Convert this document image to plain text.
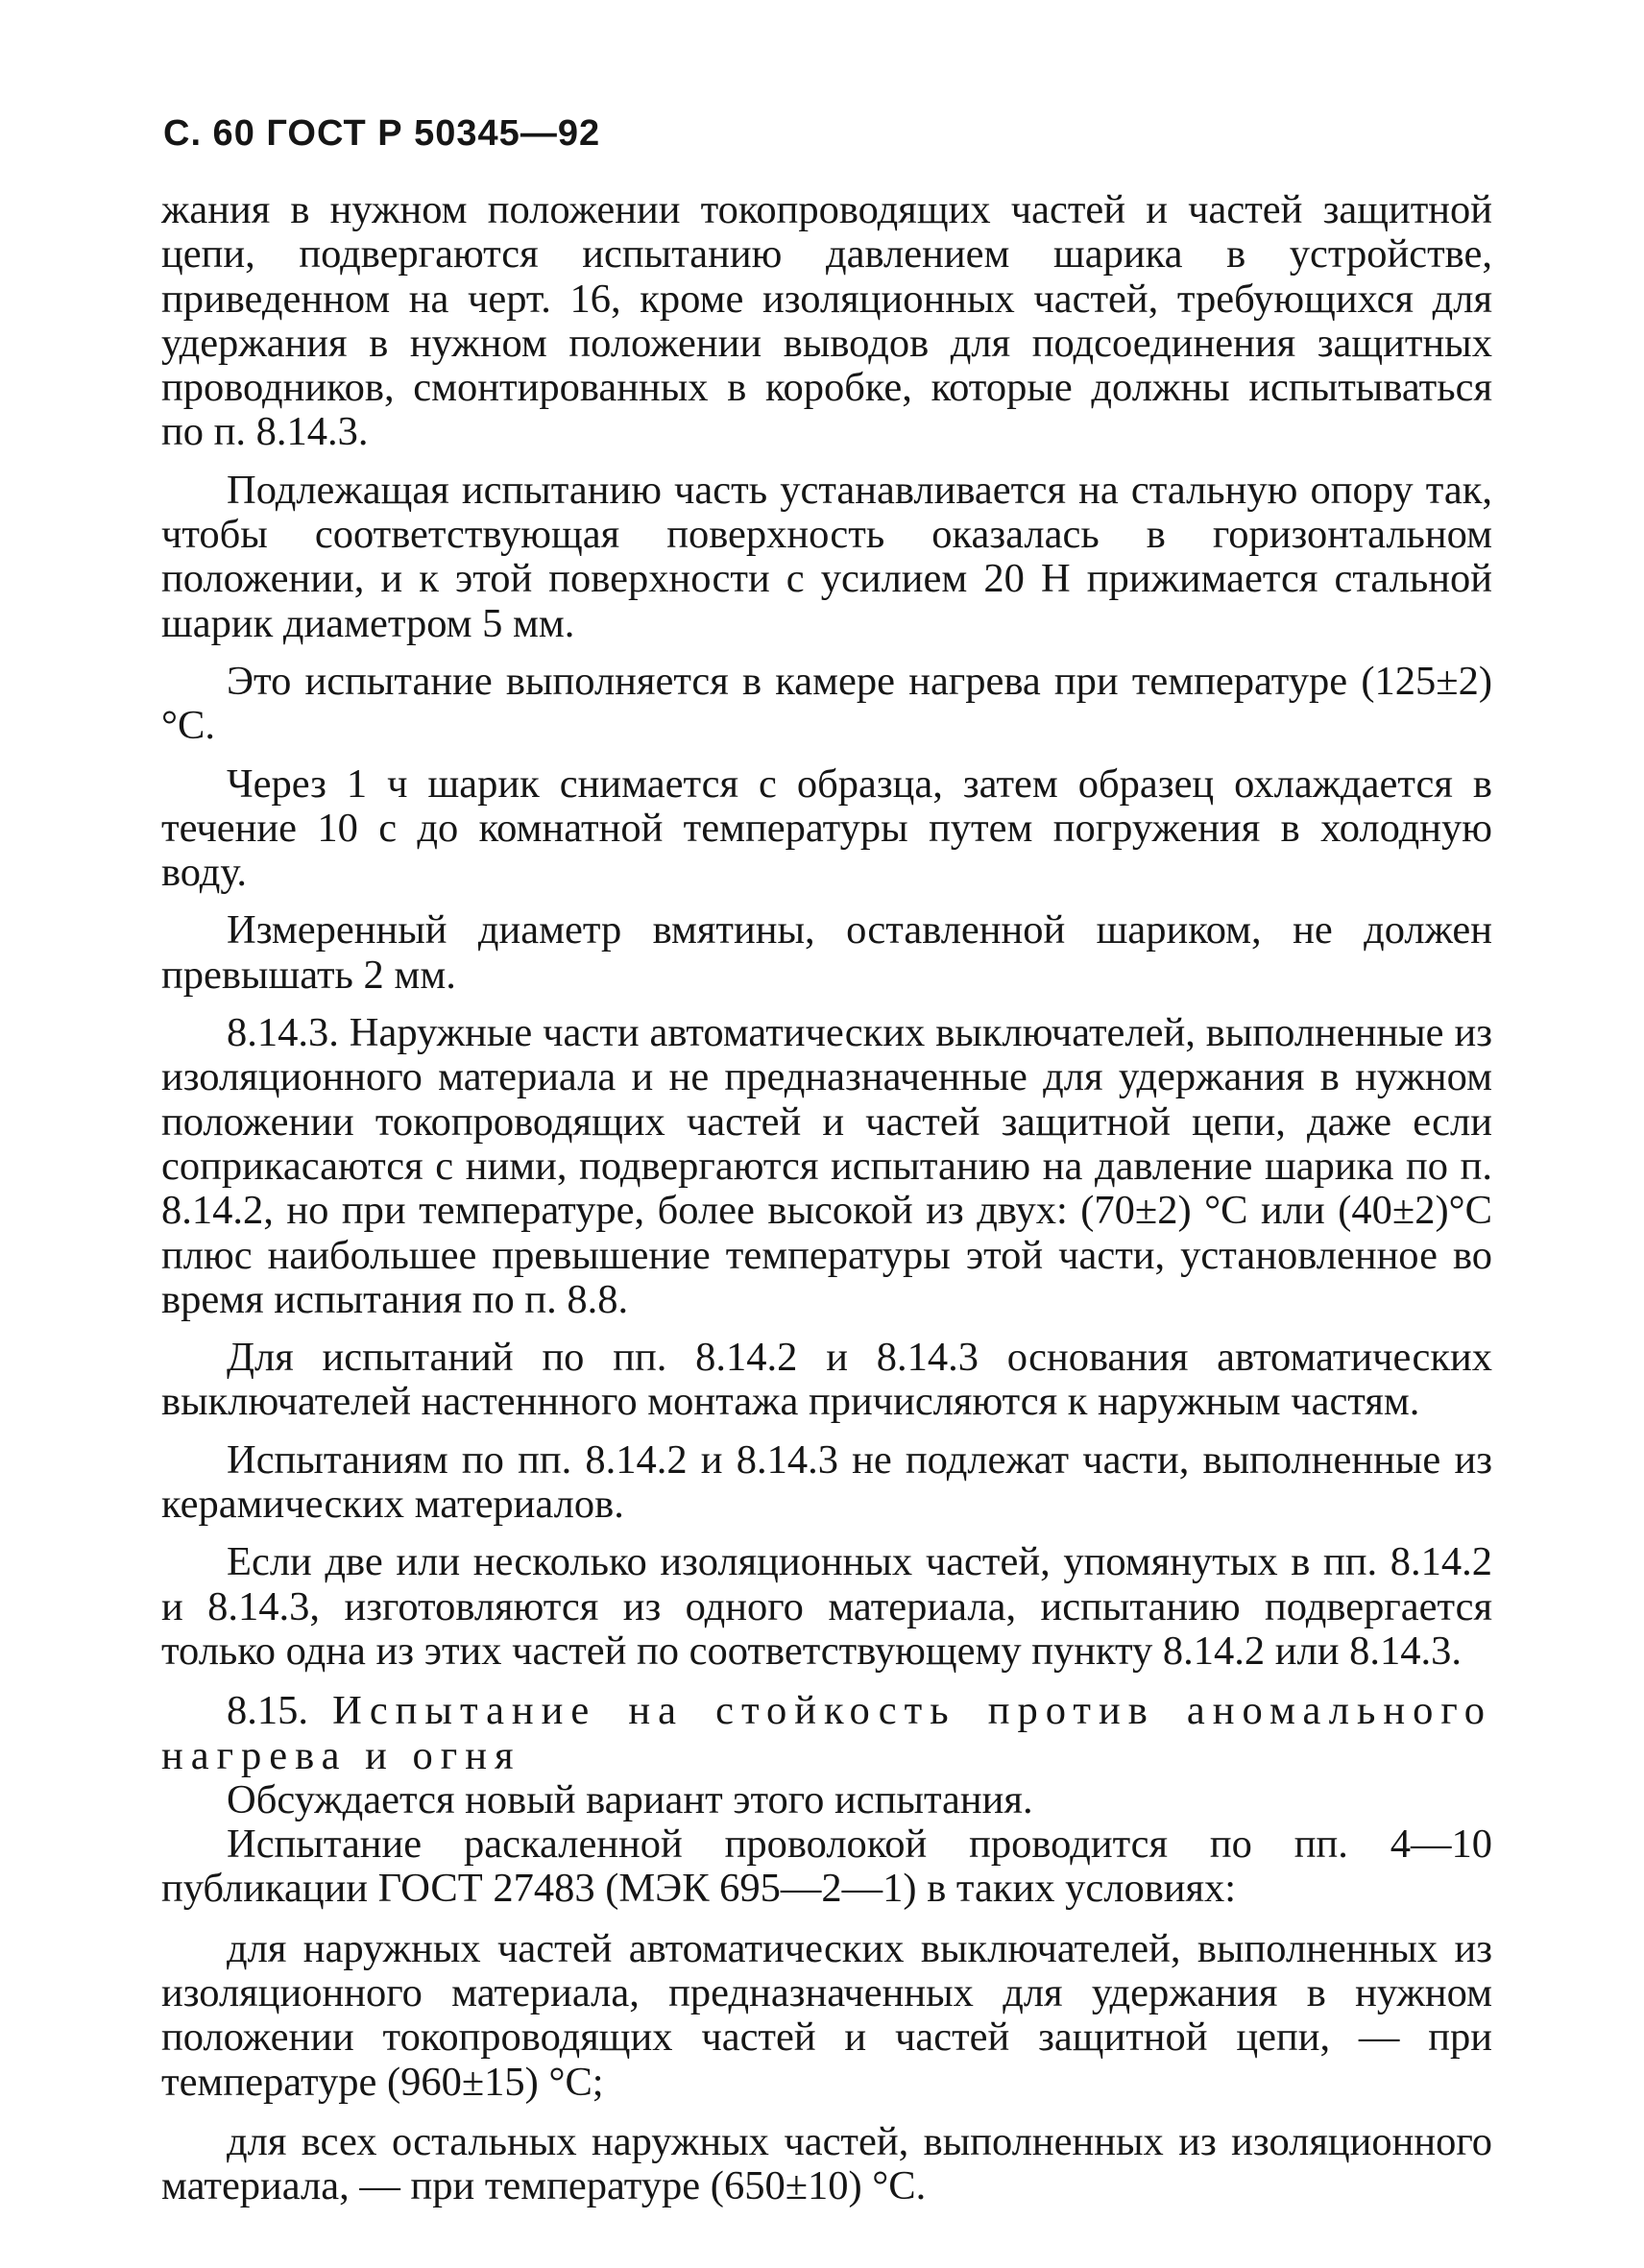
С. 60 ГОСТ Р 50345—92

жания в нужном положении токопроводящих частей и частей защитной цепи, подвергаются испытанию давлением шарика в устройстве, приведенном на черт. 16, кроме изоляционных частей, требующихся для удержания в нужном положении выводов для подсоединения защитных проводников, смонтированных в коробке, которые должны испытываться по п. 8.14.3.

Подлежащая испытанию часть устанавливается на стальную опору так, чтобы соответствующая поверхность оказалась в горизонтальном положении, и к этой поверхности с усилием 20 Н прижимается стальной шарик диаметром 5 мм.

Это испытание выполняется в камере нагрева при температуре (125±2)°С.

Через 1 ч шарик снимается с образца, затем образец охлаждается в течение 10 с до комнатной температуры путем погружения в холодную воду.

Измеренный диаметр вмятины, оставленной шариком, не должен превышать 2 мм.

8.14.3. Наружные части автоматических выключателей, выполненные из изоляционного материала и не предназначенные для удержания в нужном положении токопроводящих частей и частей защитной цепи, даже если соприкасаются с ними, подвергаются испытанию на давление шарика по п. 8.14.2, но при температуре, более высокой из двух: (70±2) °С или (40±2)°С плюс наибольшее превышение температуры этой части, установленное во время испытания по п. 8.8.

Для испытаний по пп. 8.14.2 и 8.14.3 основания автоматических выключателей настеннного монтажа причисляются к наружным частям.

Испытаниям по пп. 8.14.2 и 8.14.3 не подлежат части, выполненные из керамических материалов.

Если две или несколько изоляционных частей, упомянутых в пп. 8.14.2 и 8.14.3, изготовляются из одного материала, испытанию подвергается только одна из этих частей по соответствующему пункту 8.14.2 или 8.14.3.

8.15. Испытание на стойкость против аномального нагрева и огня

Обсуждается новый вариант этого испытания.

Испытание раскаленной проволокой проводится по пп. 4—10 публикации ГОСТ 27483 (МЭК 695—2—1) в таких условиях:

для наружных частей автоматических выключателей, выполненных из изоляционного материала, предназначенных для удержания в нужном положении токопроводящих частей и частей защитной цепи, — при температуре (960±15) °С;

для всех остальных наружных частей, выполненных из изоляционного материала, — при температуре (650±10) °С.
